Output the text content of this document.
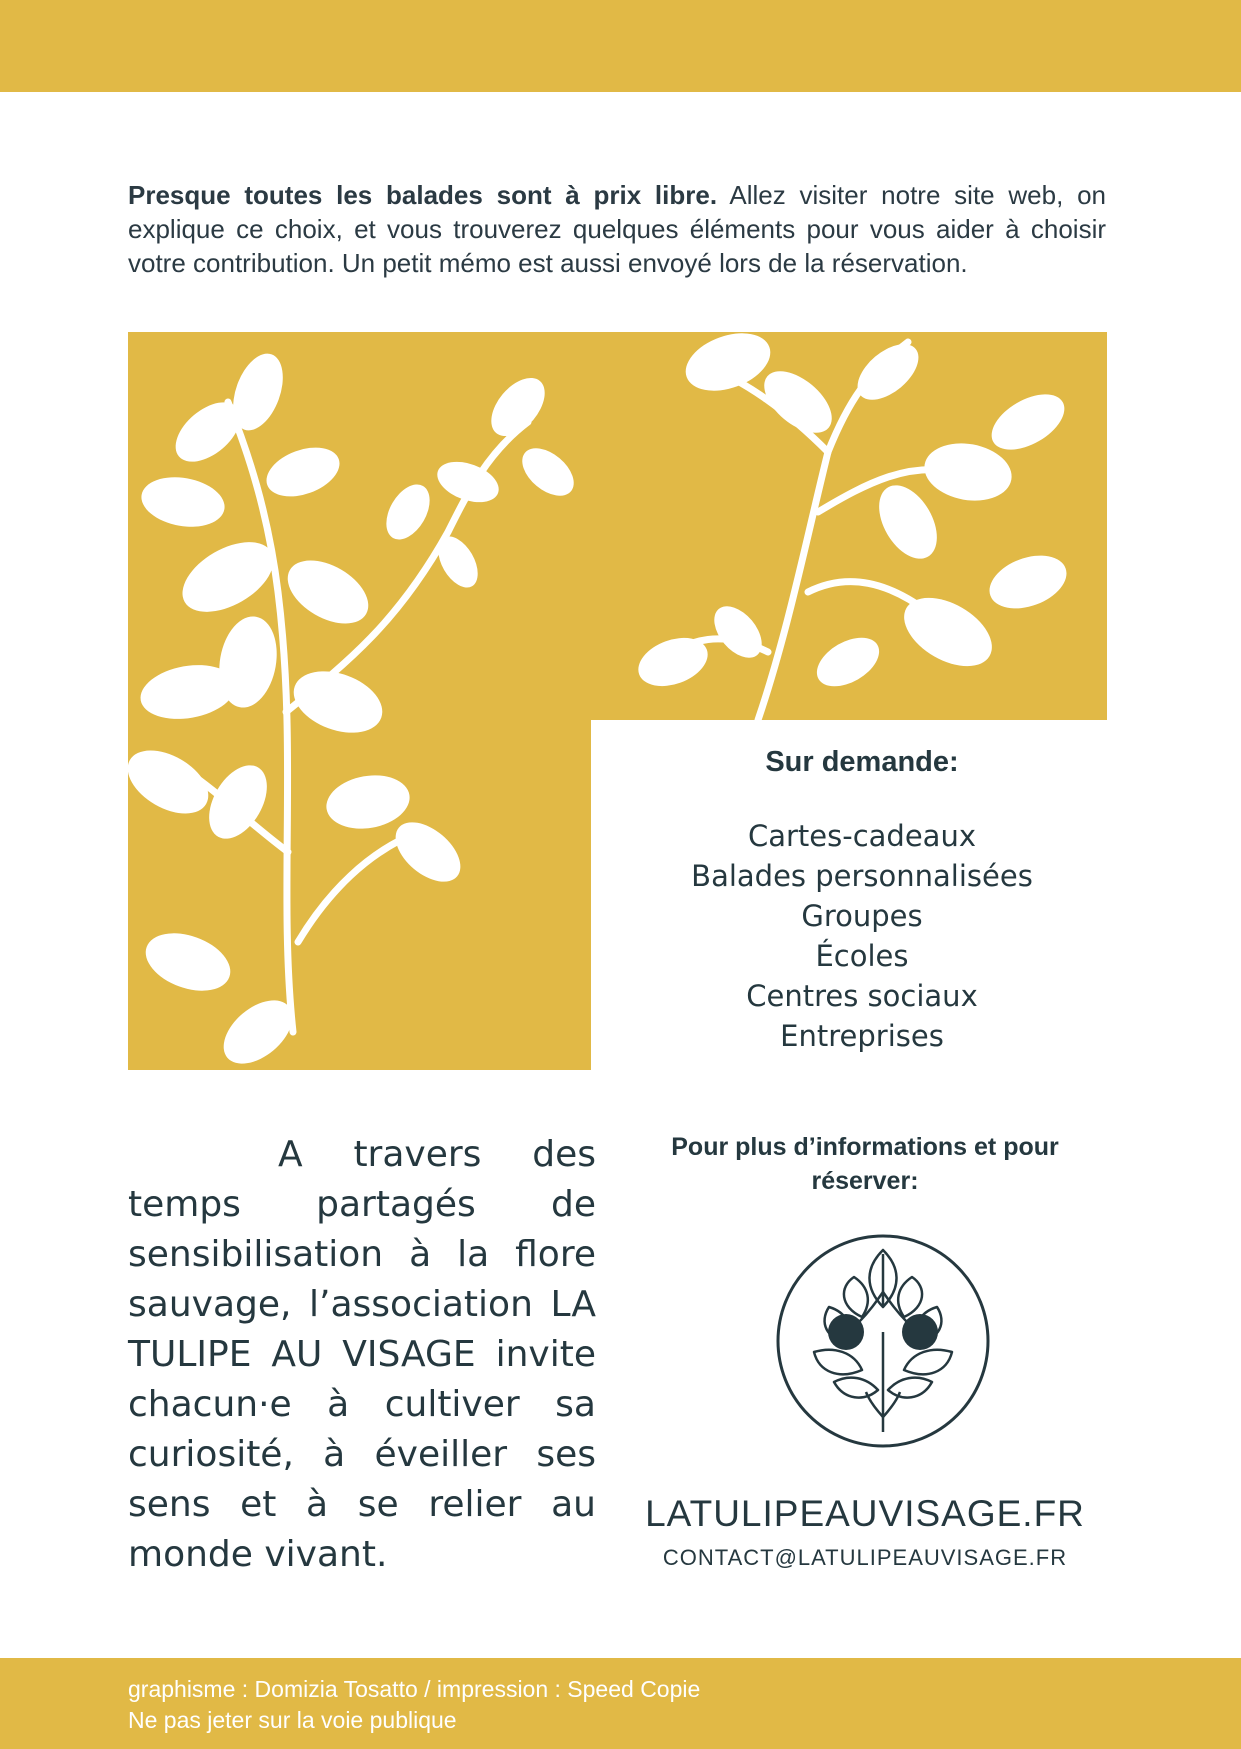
Presque toutes les balades sont à prix libre. Allez visiter notre site web, on explique ce choix, et vous trouverez quelques éléments pour vous aider à choisir votre contribution. Un petit mémo est aussi envoyé lors de la réservation.

Sur demande:
Cartes-cadeaux
Balades personnalisées
Groupes
Écoles
Centres sociaux
Entreprises

A travers des temps partagés de sensibilisation à la flore sauvage, l’association LA TULIPE AU VISAGE invite chacun·e à cultiver sa curiosité, à éveiller ses sens et à se relier au monde vivant.

Pour plus d’informations et pour réserver:
LATULIPEAUVISAGE.FR
CONTACT@LATULIPEAUVISAGE.FR
graphisme : Domizia Tosatto / impression : Speed Copie
Ne pas jeter sur la voie publique
